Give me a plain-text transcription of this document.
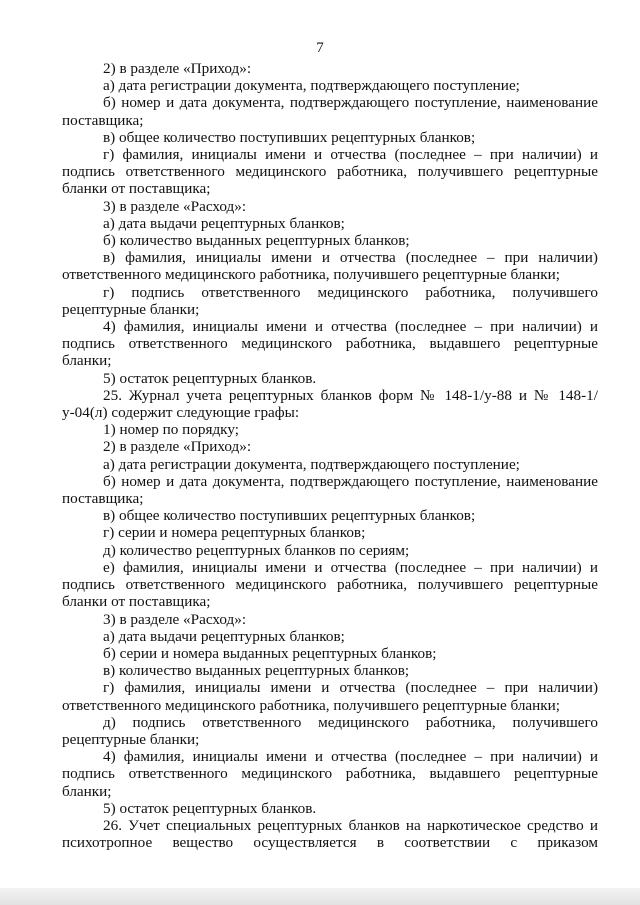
7

2) в разделе «Приход»:

а) дата регистрации документа, подтверждающего поступление;

б) номер и дата документа, подтверждающего поступление, наименование поставщика;

в) общее количество поступивших рецептурных бланков;

г) фамилия, инициалы имени и отчества (последнее – при наличии) и подпись ответственного медицинского работника, получившего рецептурные бланки от поставщика;

3) в разделе «Расход»:

а) дата выдачи рецептурных бланков;

б) количество выданных рецептурных бланков;

в) фамилия, инициалы имени и отчества (последнее – при наличии) ответственного медицинского работника, получившего рецептурные бланки;

г) подпись ответственного медицинского работника, получившего рецептурные бланки;

4) фамилия, инициалы имени и отчества (последнее – при наличии) и подпись ответственного медицинского работника, выдавшего рецептурные бланки;

5) остаток рецептурных бланков.

25. Журнал учета рецептурных бланков форм № 148-1/у-88 и № 148-1/у-04(л) содержит следующие графы:

1) номер по порядку;

2) в разделе «Приход»:

а) дата регистрации документа, подтверждающего поступление;

б) номер и дата документа, подтверждающего поступление, наименование поставщика;

в) общее количество поступивших рецептурных бланков;

г) серии и номера рецептурных бланков;

д) количество рецептурных бланков по сериям;

е) фамилия, инициалы имени и отчества (последнее – при наличии) и подпись ответственного медицинского работника, получившего рецептурные бланки от поставщика;

3) в разделе «Расход»:

а) дата выдачи рецептурных бланков;

б) серии и номера выданных рецептурных бланков;

в) количество выданных рецептурных бланков;

г) фамилия, инициалы имени и отчества (последнее – при наличии) ответственного медицинского работника, получившего рецептурные бланки;

д) подпись ответственного медицинского работника, получившего рецептурные бланки;

4) фамилия, инициалы имени и отчества (последнее – при наличии) и подпись ответственного медицинского работника, выдавшего рецептурные бланки;

5) остаток рецептурных бланков.

26. Учет специальных рецептурных бланков на наркотическое средство и психотропное вещество осуществляется в соответствии с приказом
